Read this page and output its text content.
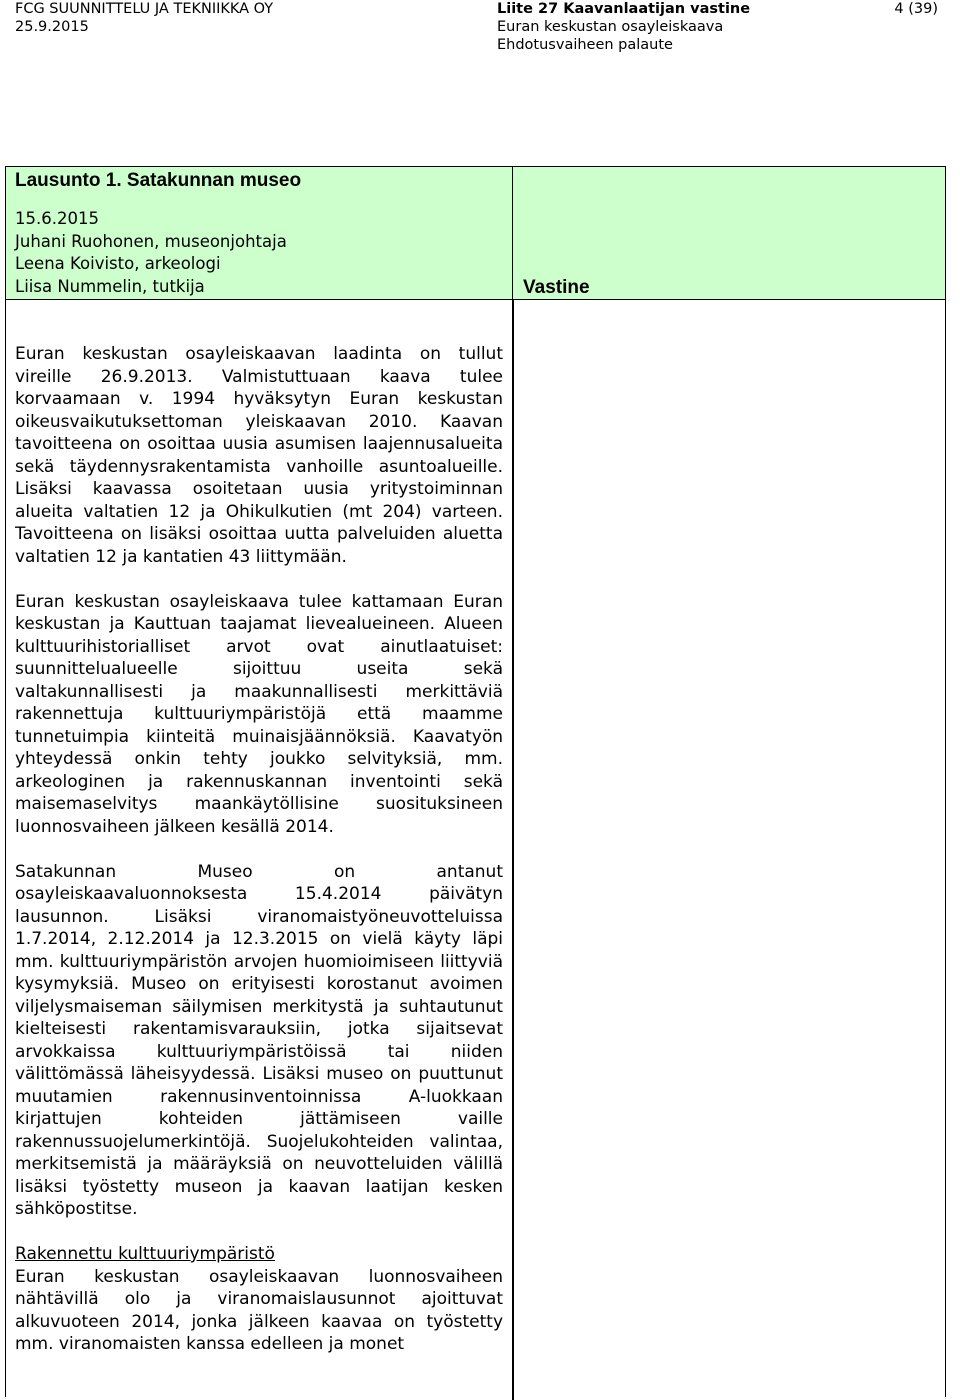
FCG SUUNNITTELU JA TEKNIIKKA OY
25.9.2015
Liite 27 Kaavanlaatijan vastine
Euran keskustan osayleiskaava
Ehdotusvaiheen palaute
4 (39)
Lausunto 1. Satakunnan museo
15.6.2015
Juhani Ruohonen, museonjohtaja
Leena Koivisto, arkeologi
Liisa Nummelin, tutkija	Vastine

Euran keskustan osayleiskaavan laadinta on tullut vireille 26.9.2013. Valmistuttuaan kaava tulee korvaamaan v. 1994 hyväksytyn Euran keskustan oikeusvaikutuksettoman yleiskaavan 2010. Kaavan tavoitteena on osoittaa uusia asumisen laajennusalueita sekä täydennysrakentamista vanhoille asuntoalueille. Lisäksi kaavassa osoitetaan uusia yritystoiminnan alueita valtatien 12 ja Ohikulkutien (mt 204) varteen. Tavoitteena on lisäksi osoittaa uutta palveluiden aluetta valtatien 12 ja kantatien 43 liittymään.

Euran keskustan osayleiskaava tulee kattamaan Euran keskustan ja Kauttuan taajamat lievealueineen. Alueen kulttuurihistorialliset arvot ovat ainutlaatuiset: suunnittelualueelle sijoittuu useita sekä valtakunnallisesti ja maakunnallisesti merkittäviä rakennettuja kulttuuriympäristöjä että maamme tunnetuimpia kiinteitä muinaisjäännöksiä. Kaavatyön yhteydessä onkin tehty joukko selvityksiä, mm. arkeologinen ja rakennuskannan inventointi sekä maisemaselvitys maankäytöllisine suosituksineen luonnosvaiheen jälkeen kesällä 2014.

Satakunnan Museo on antanut osayleiskaavaluonnoksesta 15.4.2014 päivätyn lausunnon. Lisäksi viranomaistyöneuvotteluissa 1.7.2014, 2.12.2014 ja 12.3.2015 on vielä käyty läpi mm. kulttuuriympäristön arvojen huomioimiseen liittyviä kysymyksiä. Museo on erityisesti korostanut avoimen viljelysmaiseman säilymisen merkitystä ja suhtautunut kielteisesti rakentamisvarauksiin, jotka sijaitsevat arvokkaissa kulttuuriympäristöissä tai niiden välittömässä läheisyydessä. Lisäksi museo on puuttunut muutamien rakennusinventoinnissa A-luokkaan kirjattujen kohteiden jättämiseen vaille rakennussuojelumerkintöjä. Suojelukohteiden valintaa, merkitsemistä ja määräyksiä on neuvotteluiden välillä lisäksi työstetty museon ja kaavan laatijan kesken sähköpostitse.

Rakennettu kulttuuriympäristö
Euran keskustan osayleiskaavan luonnosvaiheen nähtävillä olo ja viranomaislausunnot ajoittuvat alkuvuoteen 2014, jonka jälkeen kaavaa on työstetty mm. viranomaisten kanssa edelleen ja monet
